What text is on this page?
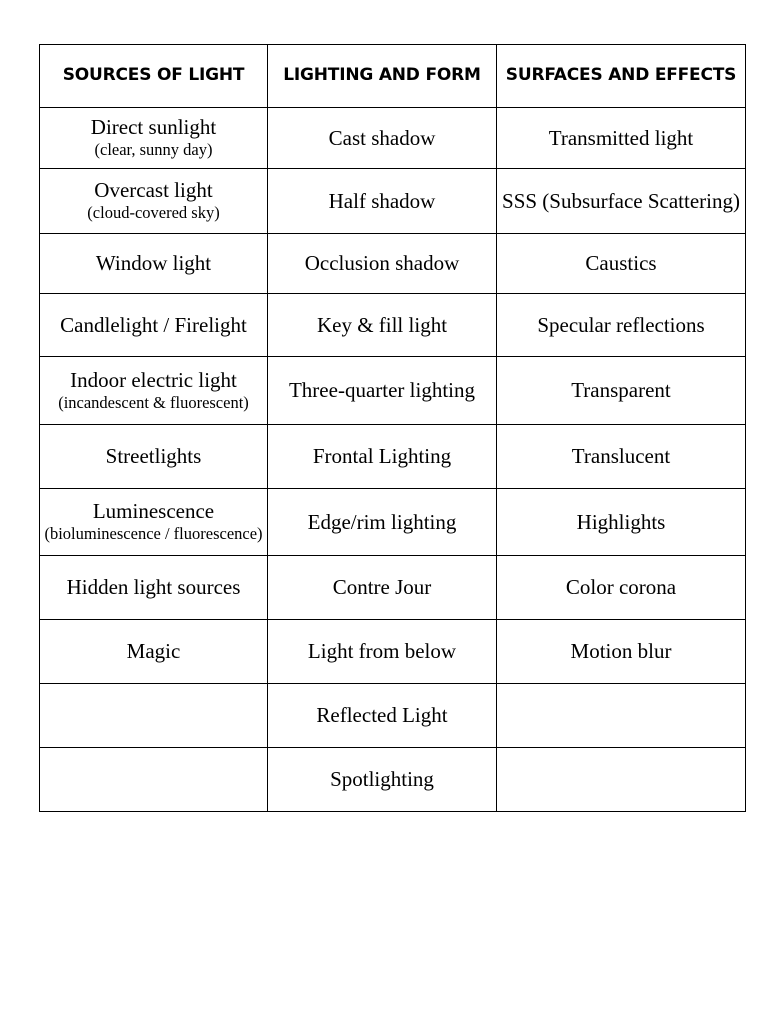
SOURCES OF LIGHT	LIGHTING AND FORM	SURFACES AND EFFECTS

Direct sunlight
(clear, sunny day)	Cast shadow	Transmitted light

Overcast light
(cloud-covered sky)	Half shadow	SSS (Subsurface Scattering)

Window light	Occlusion shadow	Caustics

Candlelight / Firelight	Key & fill light	Specular reflections

Indoor electric light
(incandescent & fluorescent)	Three-quarter lighting	Transparent

Streetlights	Frontal Lighting	Translucent

Luminescence
(bioluminescence / fluorescence)	Edge/rim lighting	Highlights

Hidden light sources	Contre Jour	Color corona

Magic	Light from below	Motion blur
	Reflected Light	
	Spotlighting	
